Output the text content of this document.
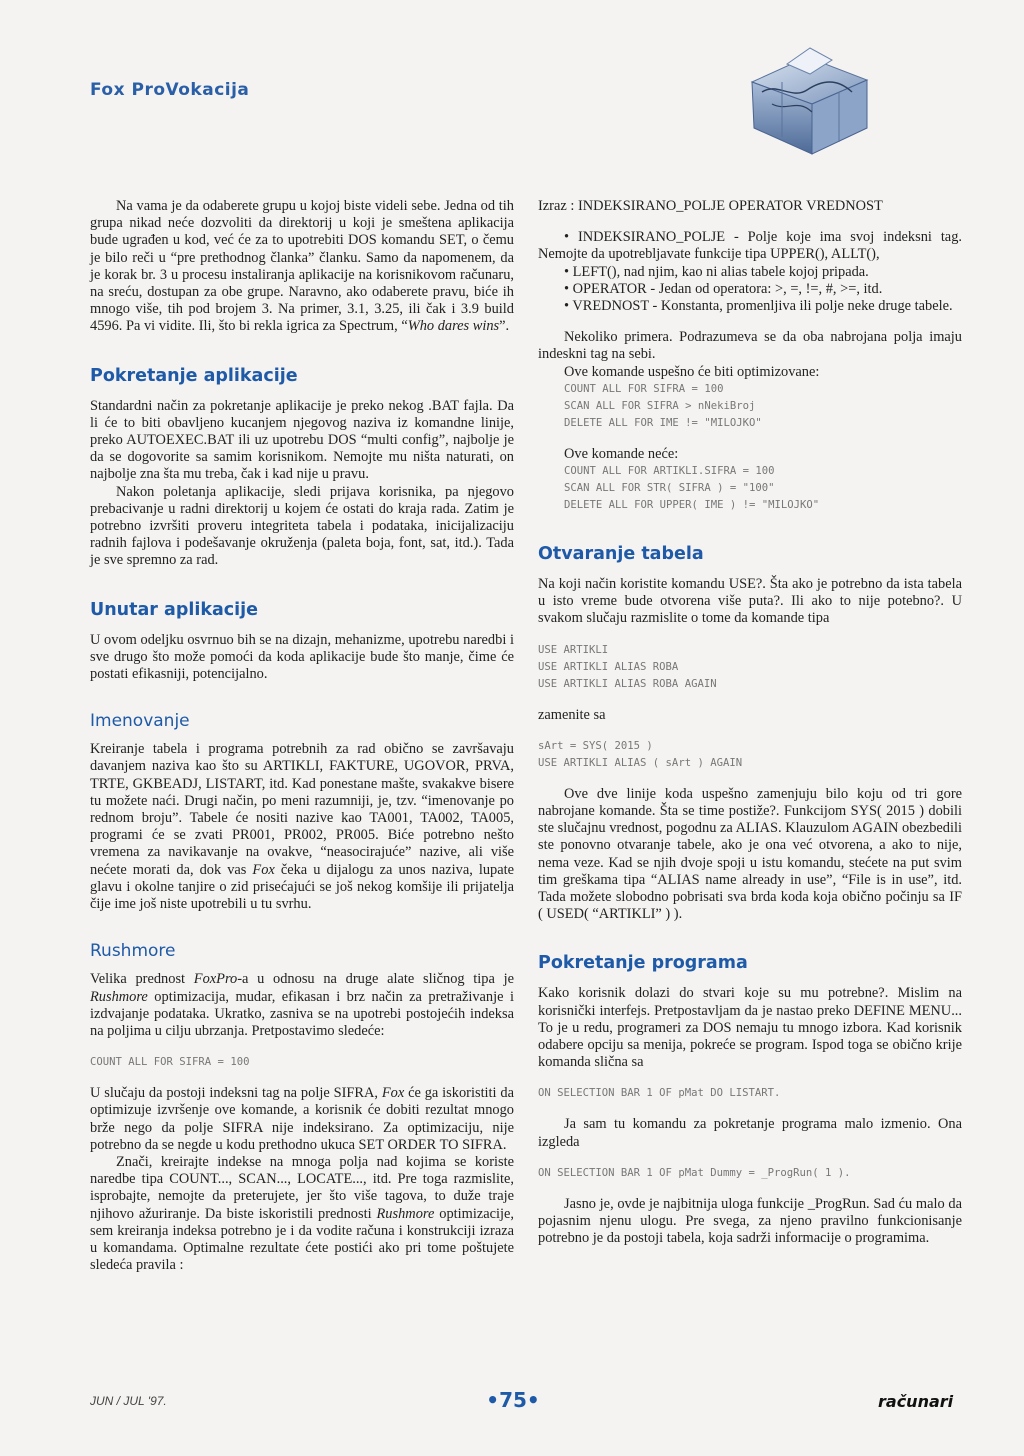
Fox ProVokacija

Na vama je da odaberete grupu u kojoj biste videli sebe. Jedna od tih grupa nikad neće dozvoliti da direktorij u koji je smeštena aplikacija bude ugrađen u kod, već će za to upotrebiti DOS komandu SET, o čemu je bilo reči u “pre prethodnog članka” članku. Samo da napomenem, da je korak br. 3 u procesu instaliranja aplikacije na korisnikovom računaru, na sreću, dostupan za obe grupe. Naravno, ako odaberete pravu, biće ih mnogo više, tih pod brojem 3. Na primer, 3.1, 3.25, ili čak i 3.9 build 4596. Pa vi vidite. Ili, što bi rekla igrica za Spectrum, “Who dares wins”.

Pokretanje aplikacije

Standardni način za pokretanje aplikacije je preko nekog .BAT fajla. Da li će to biti obavljeno kucanjem njegovog naziva iz komandne linije, preko AUTOEXEC.BAT ili uz upotrebu DOS “multi config”, najbolje je da se dogovorite sa samim korisnikom. Nemojte mu ništa naturati, on najbolje zna šta mu treba, čak i kad nije u pravu.

Nakon poletanja aplikacije, sledi prijava korisnika, pa njegovo prebacivanje u radni direktorij u kojem će ostati do kraja rada. Zatim je potrebno izvršiti proveru integriteta tabela i podataka, inicijalizaciju radnih fajlova i podešavanje okruženja (paleta boja, font, sat, itd.). Tada je sve spremno za rad.

Unutar aplikacije

U ovom odeljku osvrnuo bih se na dizajn, mehanizme, upotrebu naredbi i sve drugo što može pomoći da koda aplikacije bude što manje, čime će postati efikasniji, potencijalno.

Imenovanje

Kreiranje tabela i programa potrebnih za rad obično se završavaju davanjem naziva kao što su ARTIKLI, FAKTURE, UGOVOR, PRVA, TRTE, GKBEADJ, LISTART, itd. Kad ponestane mašte, svakakve bisere tu možete naći. Drugi način, po meni razumniji, je, tzv. “imenovanje po rednom broju”. Tabele će nositi nazive kao TA001, TA002, TA005, programi će se zvati PR001, PR002, PR005. Biće potrebno nešto vremena za navikavanje na ovakve, “neasocirajuće” nazive, ali više nećete morati da, dok vas Fox čeka u dijalogu za unos naziva, lupate glavu i okolne tanjire o zid prisećajući se još nekog komšije ili prijatelja čije ime još niste upotrebili u tu svrhu.

Rushmore

Velika prednost FoxPro-a u odnosu na druge alate sličnog tipa je Rushmore optimizacija, mudar, efikasan i brz način za pretraživanje i izdvajanje podataka. Ukratko, zasniva se na upotrebi postojećih indeksa na poljima u cilju ubrzanja. Pretpostavimo sledeće:

COUNT ALL FOR SIFRA = 100

U slučaju da postoji indeksni tag na polje SIFRA, Fox će ga iskoristiti da optimizuje izvršenje ove komande, a korisnik će dobiti rezultat mnogo brže nego da polje SIFRA nije indeksirano. Za optimizaciju, nije potrebno da se negde u kodu prethodno ukuca SET ORDER TO SIFRA.

Znači, kreirajte indekse na mnoga polja nad kojima se koriste naredbe tipa COUNT..., SCAN..., LOCATE..., itd. Pre toga razmislite, isprobajte, nemojte da preterujete, jer što više tagova, to duže traje njihovo ažuriranje. Da biste iskoristili prednosti Rushmore optimizacije, sem kreiranja indeksa potrebno je i da vodite računa i konstrukciji izraza u komandama. Optimalne rezultate ćete postići ako pri tome poštujete sledeća pravila :

Izraz : INDEKSIRANO_POLJE OPERATOR VREDNOST

• INDEKSIRANO_POLJE - Polje koje ima svoj indeksni tag. Nemojte da upotrebljavate funkcije tipa UPPER(), ALLT(),
• LEFT(), nad njim, kao ni alias tabele kojoj pripada.
• OPERATOR - Jedan od operatora: >, =, !=, #, >=, itd.
• VREDNOST - Konstanta, promenljiva ili polje neke druge tabele.

Nekoliko primera. Podrazumeva se da oba nabrojana polja imaju indeskni tag na sebi.

Ove komande uspešno će biti optimizovane:

COUNT ALL FOR SIFRA = 100
SCAN ALL FOR SIFRA > nNekiBroj
DELETE ALL FOR IME != "MILOJKO"

Ove komande neće:

COUNT ALL FOR ARTIKLI.SIFRA = 100
SCAN ALL FOR STR( SIFRA ) = "100"
DELETE ALL FOR UPPER( IME ) != "MILOJKO"
Otvaranje tabela

Na koji način koristite komandu USE?. Šta ako je potrebno da ista tabela u isto vreme bude otvorena više puta?. Ili ako to nije potebno?. U svakom slučaju razmislite o tome da komande tipa

USE ARTIKLI
USE ARTIKLI ALIAS ROBA
USE ARTIKLI ALIAS ROBA AGAIN

zamenite sa

sArt = SYS( 2015 )
USE ARTIKLI ALIAS ( sArt ) AGAIN

Ove dve linije koda uspešno zamenjuju bilo koju od tri gore nabrojane komande. Šta se time postiže?. Funkcijom SYS( 2015 ) dobili ste slučajnu vrednost, pogodnu za ALIAS. Klauzulom AGAIN obezbedili ste ponovno otvaranje tabele, ako je ona već otvorena, a ako to nije, nema veze. Kad se njih dvoje spoji u istu komandu, stećete na put svim tim greškama tipa “ALIAS name already in use”, “File is in use”, itd. Tada možete slobodno pobrisati sva brda koda koja obično počinju sa IF ( USED( “ARTIKLI” ) ).

Pokretanje programa

Kako korisnik dolazi do stvari koje su mu potrebne?. Mislim na korisnički interfejs. Pretpostavljam da je nastao preko DEFINE MENU... To je u redu, programeri za DOS nemaju tu mnogo izbora. Kad korisnik odabere opciju sa menija, pokreće se program. Ispod toga se obično krije komanda slična sa

ON SELECTION BAR 1 OF pMat DO LISTART.

Ja sam tu komandu za pokretanje programa malo izmenio. Ona izgleda

ON SELECTION BAR 1 OF pMat Dummy = _ProgRun( 1 ).

Jasno je, ovde je najbitnija uloga funkcije _ProgRun. Sad ću malo da pojasnim njenu ulogu. Pre svega, za njeno pravilno funkcionisanje potrebno je da postoji tabela, koja sadrži informacije o programima.

JUN / JUL '97.	•75•	računari
